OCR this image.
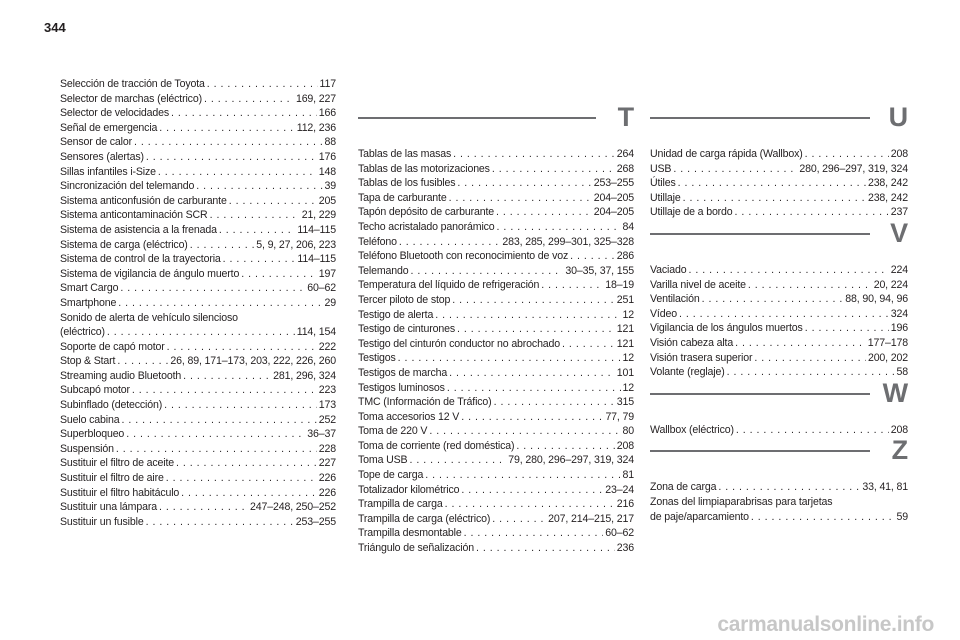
344
Selección de tracción de Toyota . . .	117
Selector de marchas (eléctrico) . . .	169, 227
Selector de velocidades . . .	166
Señal de emergencia . . .	112, 236
Sensor de calor . . .	88
Sensores (alertas) . . .	176
Sillas infantiles i-Size . . .	148
Sincronización del telemando . . .	39
Sistema anticonfusión de carburante . . .	205
Sistema anticontaminación SCR . . .	21, 229
Sistema de asistencia a la frenada . . .	114–115
Sistema de carga (eléctrico) . . .	5, 9, 27, 206, 223
Sistema de control de la trayectoria . . .	114–115
Sistema de vigilancia de ángulo muerto . . .	197
Smart Cargo . . .	60–62
Smartphone . . .	29
Sonido de alerta de vehículo silencioso
(eléctrico) . . .	114, 154
Soporte de capó motor . . .	222
Stop & Start . . .	26, 89, 171–173, 203, 222, 226, 260
Streaming audio Bluetooth . . .	281, 296, 324
Subcapó motor . . .	223
Subinflado (detección) . . .	173
Suelo cabina . . .	252
Superbloqueo . . .	36–37
Suspensión . . .	228
Sustituir el filtro de aceite . . .	227
Sustituir el filtro de aire . . .	226
Sustituir el filtro habitáculo . . .	226
Sustituir una lámpara . . .	247–248, 250–252
Sustituir un fusible . . .	253–255
T
Tablas de las masas . . .	264
Tablas de las motorizaciones . . .	268
Tablas de los fusibles . . .	253–255
Tapa de carburante . . .	204–205
Tapón depósito de carburante . . .	204–205
Techo acristalado panorámico . . .	84
Teléfono . . .	283, 285, 299–301, 325–328
Teléfono Bluetooth con reconocimiento de voz . . .	286
Telemando . . .	30–35, 37, 155
Temperatura del líquido de refrigeración . . .	18–19
Tercer piloto de stop . . .	251
Testigo de alerta . . .	12
Testigo de cinturones . . .	121
Testigo del cinturón conductor no abrochado . . .	121
Testigos . . .	12
Testigos de marcha . . .	101
Testigos luminosos . . .	12
TMC (Información de Tráfico) . . .	315
Toma accesorios 12 V . . .	77, 79
Toma de 220 V . . .	80
Toma de corriente (red doméstica) . . .	208
Toma USB . . .	79, 280, 296–297, 319, 324
Tope de carga . . .	81
Totalizador kilométrico . . .	23–24
Trampilla de carga . . .	216
Trampilla de carga (eléctrico) . . .	207, 214–215, 217
Trampilla desmontable . . .	60–62
Triángulo de señalización . . .	236
U
Unidad de carga rápida (Wallbox) . . .	208
USB . . .	280, 296–297, 319, 324
Útiles . . .	238, 242
Utillaje . . .	238, 242
Utillaje de a bordo . . .	237
V
Vaciado . . .	224
Varilla nivel de aceite . . .	20, 224
Ventilación . . .	88, 90, 94, 96
Vídeo . . .	324
Vigilancia de los ángulos muertos . . .	196
Visión cabeza alta . . .	177–178
Visión trasera superior . . .	200, 202
Volante (reglaje) . . .	58
W
Wallbox (eléctrico) . . .	208
Z
Zona de carga . . .	33, 41, 81
Zonas del limpiaparabrisas para tarjetas
de paje/aparcamiento . . .	59
carmanualsonline.info
